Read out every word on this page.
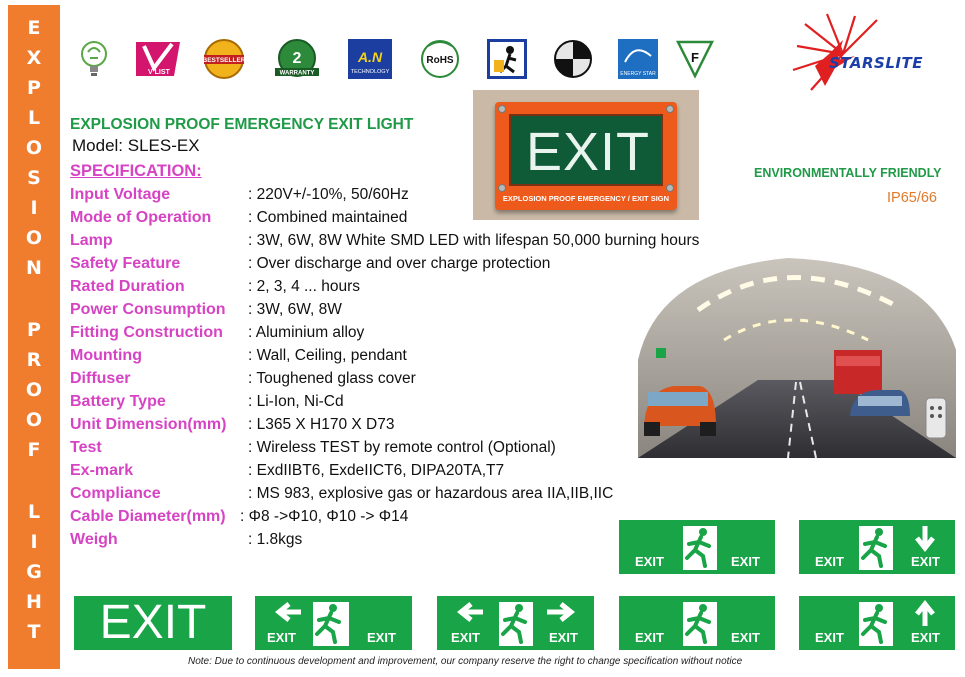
E
X
P
L
O
S
I
O
N
P
R
O
O
F
L
I
G
H
T
V LIST
BESTSELLER	2
WARRANTY
A.N
TECHNOLOGY
RoHS
ENERGY STAR
F	STARSLITE
EXPLOSION PROOF EMERGENCY EXIT LIGHT
Model: SLES-EX
SPECIFICATION:
Input Voltage	: 220V+/-10%, 50/60Hz
Mode of Operation : Combined maintained
Lamp	: 3W, 6W, 8W White SMD LED with lifespan 50,000 burning hours
Safety Feature	: Over discharge and over charge protection
Rated Duration	: 2, 3, 4 ... hours
Power Consumption : 3W, 6W, 8W
Fitting Construction : Aluminium alloy
Mounting	: Wall, Ceiling, pendant
Diffuser	: Toughened glass cover
Battery Type	: Li-Ion, Ni-Cd
Unit Dimension(mm) : L365 X H170 X D73
Test	: Wireless TEST by remote control (Optional)
Ex-mark	: ExdIIBT6, ExdeIICT6, DIPA20TA,T7
Compliance	: MS 983, explosive gas or hazardous area IIA,IIB,IIC
Cable Diameter(mm) : Φ8 ->Φ10, Φ10 -> Φ14
Weigh	: 1.8kgs
ENVIRONMENTALLY FRIENDLY
IP65/66
EXIT
EXPLOSION PROOF EMERGENCY / EXIT SIGN
EXIT	EXIT	EXIT	EXIT
EXIT	EXIT	EXIT	EXIT	EXIT	EXIT	EXIT	EXIT	EXIT
Note: Due to continuous development and improvement, our company reserve the right to change specification without notice
